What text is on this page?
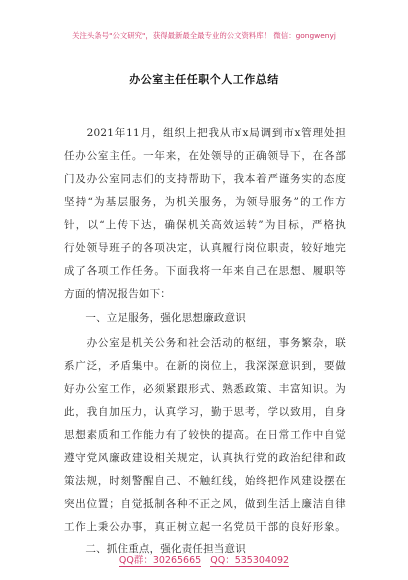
关注头条号"公文研究"，获得最新最全最专业的公文资料库！ 微信：gongwenyj
办公室主任任职个人工作总结
　　2021年11月，组织上把我从市x局调到市x管理处担
任办公室主任。一年来，在处领导的正确领导下，在各部
门及办公室同志们的支持帮助下，我本着严谨务实的态度
坚持“为基层服务，为机关服务，为领导服务”的工作方
针，以“上传下达，确保机关高效运转”为目标，严格执
行处领导班子的各项决定，认真履行岗位职责，较好地完
成了各项工作任务。下面我将一年来自己在思想、履职等
方面的情况报告如下：
　　一、立足服务，强化思想廉政意识
　　办公室是机关公务和社会活动的枢纽，事务繁杂，联
系广泛，矛盾集中。在新的岗位上，我深深意识到，要做
好办公室工作，必须紧跟形式、熟悉政策、丰富知识。为
此，我自加压力，认真学习，勤于思考，学以致用，自身
思想素质和工作能力有了较快的提高。在日常工作中自觉
遵守党风廉政建设相关规定，认真执行党的政治纪律和政
策法规，时刻警醒自己、不触红线，始终把作风建设摆在
突出位置；自觉抵制各种不正之风，做到生活上廉洁自律
工作上秉公办事，真正树立起一名党员干部的良好形象。
　　二、抓住重点，强化责任担当意识
QQ群：30265665 QQ：535304092
